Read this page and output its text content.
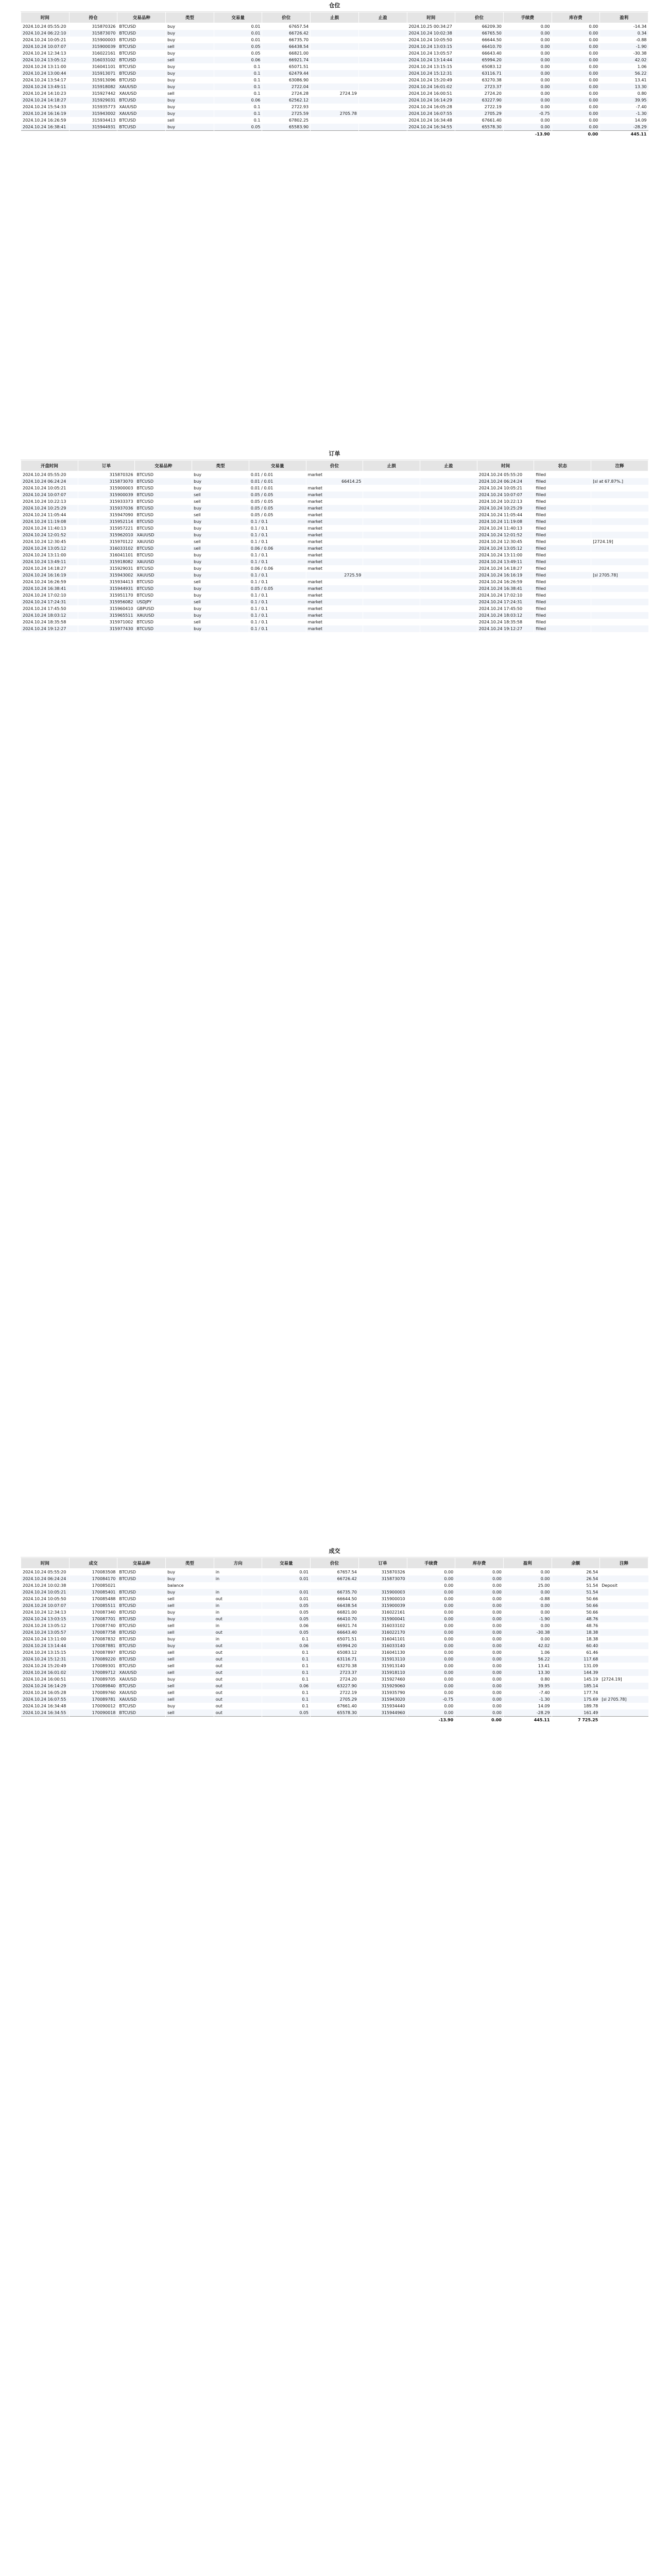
仓位
时间	持仓	交易品种	类型	交易量	价位	止损	止盈	时间	价位	手续费	库存费	盈利
2024.10.24 05:55:20	315870326	BTCUSD	buy	0.01	67657.54			2024.10.25 00:34:27	66209.30	0.00	0.00	-14.34
2024.10.24 06:22:10	315873070	BTCUSD	buy	0.01	66726.42			2024.10.24 10:02:38	66765.50	0.00	0.00	0.34
2024.10.24 10:05:21	315900003	BTCUSD	buy	0.01	66735.70			2024.10.24 10:05:50	66644.50	0.00	0.00	-0.88
2024.10.24 10:07:07	315900039	BTCUSD	sell	0.05	66438.54			2024.10.24 13:03:15	66410.70	0.00	0.00	-1.90
2024.10.24 12:34:13	316022161	BTCUSD	buy	0.05	66821.00			2024.10.24 13:05:57	66643.40	0.00	0.00	-30.38
2024.10.24 13:05:12	316033102	BTCUSD	sell	0.06	66921.74			2024.10.24 13:14:44	65994.20	0.00	0.00	42.02
2024.10.24 13:11:00	316041101	BTCUSD	buy	0.1	65071.51			2024.10.24 13:15:15	65083.12	0.00	0.00	1.06
2024.10.24 13:00:44	315913071	BTCUSD	buy	0.1	62479.44			2024.10.24 15:12:31	63116.71	0.00	0.00	56.22
2024.10.24 13:54:17	315913096	BTCUSD	buy	0.1	63086.90			2024.10.24 15:20:49	63270.38	0.00	0.00	13.41
2024.10.24 13:49:11	315918082	XAUUSD	buy	0.1	2722.04			2024.10.24 16:01:02	2723.37	0.00	0.00	13.30
2024.10.24 14:10:23	315927442	XAUUSD	sell	0.1	2724.28	2724.19		2024.10.24 16:00:51	2724.20	0.00	0.00	0.80
2024.10.24 14:18:27	315929031	BTCUSD	buy	0.06	62562.12			2024.10.24 16:14:29	63227.90	0.00	0.00	39.95
2024.10.24 15:54:33	315935773	XAUUSD	buy	0.1	2722.93			2024.10.24 16:05:28	2722.19	0.00	0.00	-7.40
2024.10.24 16:16:19	315943002	XAUUSD	buy	0.1	2725.59	2705.78		2024.10.24 16:07:55	2705.29	-0.75	0.00	-1.30
2024.10.24 16:26:59	315934413	BTCUSD	sell	0.1	67802.25			2024.10.24 16:34:48	67661.40	0.00	0.00	14.09
2024.10.24 16:38:41	315944931	BTCUSD	buy	0.05	65583.90			2024.10.24 16:34:55	65578.30	0.00	0.00	-28.29
										-13.90	0.00	445.11
订单
开盘时间	订单	交易品种	类型	交易量	价位	止损	止盈	时间	状态	注释
2024.10.24 05:55:20	315870326	BTCUSD	buy	0.01 / 0.01	market			2024.10.24 05:55:20	filled	
2024.10.24 06:24:24	315873070	BTCUSD	buy	0.01 / 0.01	66414.25			2024.10.24 06:24:24	filled	[sl at 67.87%.]
2024.10.24 10:05:21	315900003	BTCUSD	buy	0.01 / 0.01	market			2024.10.24 10:05:21	filled	
2024.10.24 10:07:07	315900039	BTCUSD	sell	0.05 / 0.05	market			2024.10.24 10:07:07	filled	
2024.10.24 10:22:13	315933373	BTCUSD	sell	0.05 / 0.05	market			2024.10.24 10:22:13	filled	
2024.10.24 10:25:29	315937036	BTCUSD	buy	0.05 / 0.05	market			2024.10.24 10:25:29	filled	
2024.10.24 11:05:44	315947090	BTCUSD	sell	0.05 / 0.05	market			2024.10.24 11:05:44	filled	
2024.10.24 11:19:08	315952114	BTCUSD	buy	0.1 / 0.1	market			2024.10.24 11:19:08	filled	
2024.10.24 11:40:13	315957221	BTCUSD	buy	0.1 / 0.1	market			2024.10.24 11:40:13	filled	
2024.10.24 12:01:52	315962010	XAUUSD	buy	0.1 / 0.1	market			2024.10.24 12:01:52	filled	
2024.10.24 12:30:45	315970122	XAUUSD	sell	0.1 / 0.1	market			2024.10.24 12:30:45	filled	[2724.19]
2024.10.24 13:05:12	316033102	BTCUSD	sell	0.06 / 0.06	market			2024.10.24 13:05:12	filled	
2024.10.24 13:11:00	316041101	BTCUSD	buy	0.1 / 0.1	market			2024.10.24 13:11:00	filled	
2024.10.24 13:49:11	315918082	XAUUSD	buy	0.1 / 0.1	market			2024.10.24 13:49:11	filled	
2024.10.24 14:18:27	315929031	BTCUSD	buy	0.06 / 0.06	market			2024.10.24 14:18:27	filled	
2024.10.24 16:16:19	315943002	XAUUSD	buy	0.1 / 0.1	2725.59			2024.10.24 16:16:19	filled	[sl 2705.78]
2024.10.24 16:26:59	315934413	BTCUSD	sell	0.1 / 0.1	market			2024.10.24 16:26:59	filled	
2024.10.24 16:38:41	315944931	BTCUSD	buy	0.05 / 0.05	market			2024.10.24 16:38:41	filled	
2024.10.24 17:02:10	315951170	BTCUSD	buy	0.1 / 0.1	market			2024.10.24 17:02:10	filled	
2024.10.24 17:24:31	315956082	USDJPY	sell	0.1 / 0.1	market			2024.10.24 17:24:31	filled	
2024.10.24 17:45:50	315960410	GBPUSD	buy	0.1 / 0.1	market			2024.10.24 17:45:50	filled	
2024.10.24 18:03:12	315965511	XAUUSD	buy	0.1 / 0.1	market			2024.10.24 18:03:12	filled	
2024.10.24 18:35:58	315971002	BTCUSD	sell	0.1 / 0.1	market			2024.10.24 18:35:58	filled	
2024.10.24 19:12:27	315977430	BTCUSD	buy	0.1 / 0.1	market			2024.10.24 19:12:27	filled	
成交
时间	成交	交易品种	类型	方向	交易量	价位	订单	手续费	库存费	盈利	余额	注释
2024.10.24 05:55:20	170083508	BTCUSD	buy	in	0.01	67657.54	315870326	0.00	0.00	0.00	26.54	
2024.10.24 06:24:24	170084170	BTCUSD	buy	in	0.01	66726.42	315873070	0.00	0.00	0.00	26.54	
2024.10.24 10:02:38	170085021		balance					0.00	0.00	25.00	51.54	Deposit
2024.10.24 10:05:21	170085401	BTCUSD	buy	in	0.01	66735.70	315900003	0.00	0.00	0.00	51.54	
2024.10.24 10:05:50	170085488	BTCUSD	sell	out	0.01	66644.50	315900010	0.00	0.00	-0.88	50.66	
2024.10.24 10:07:07	170085511	BTCUSD	sell	in	0.05	66438.54	315900039	0.00	0.00	0.00	50.66	
2024.10.24 12:34:13	170087340	BTCUSD	buy	in	0.05	66821.00	316022161	0.00	0.00	0.00	50.66	
2024.10.24 13:03:15	170087701	BTCUSD	buy	out	0.05	66410.70	315900041	0.00	0.00	-1.90	48.76	
2024.10.24 13:05:12	170087740	BTCUSD	sell	in	0.06	66921.74	316033102	0.00	0.00	0.00	48.76	
2024.10.24 13:05:57	170087758	BTCUSD	sell	out	0.05	66643.40	316022170	0.00	0.00	-30.38	18.38	
2024.10.24 13:11:00	170087832	BTCUSD	buy	in	0.1	65071.51	316041101	0.00	0.00	0.00	18.38	
2024.10.24 13:14:44	170087881	BTCUSD	buy	out	0.06	65994.20	316033140	0.00	0.00	42.02	60.40	
2024.10.24 13:15:15	170087897	BTCUSD	sell	out	0.1	65083.12	316041130	0.00	0.00	1.06	61.46	
2024.10.24 15:12:31	170089220	BTCUSD	sell	out	0.1	63116.71	315913110	0.00	0.00	56.22	117.68	
2024.10.24 15:20:49	170089301	BTCUSD	sell	out	0.1	63270.38	315913140	0.00	0.00	13.41	131.09	
2024.10.24 16:01:02	170089712	XAUUSD	sell	out	0.1	2723.37	315918110	0.00	0.00	13.30	144.39	
2024.10.24 16:00:51	170089705	XAUUSD	buy	out	0.1	2724.20	315927460	0.00	0.00	0.80	145.19	[2724.19]
2024.10.24 16:14:29	170089840	BTCUSD	sell	out	0.06	63227.90	315929060	0.00	0.00	39.95	185.14	
2024.10.24 16:05:28	170089760	XAUUSD	sell	out	0.1	2722.19	315935790	0.00	0.00	-7.40	177.74	
2024.10.24 16:07:55	170089781	XAUUSD	sell	out	0.1	2705.29	315943020	-0.75	0.00	-1.30	175.69	[sl 2705.78]
2024.10.24 16:34:48	170090012	BTCUSD	buy	out	0.1	67661.40	315934440	0.00	0.00	14.09	189.78	
2024.10.24 16:34:55	170090018	BTCUSD	sell	out	0.05	65578.30	315944960	0.00	0.00	-28.29	161.49	
								-13.90	0.00	445.11	7 725.25	
